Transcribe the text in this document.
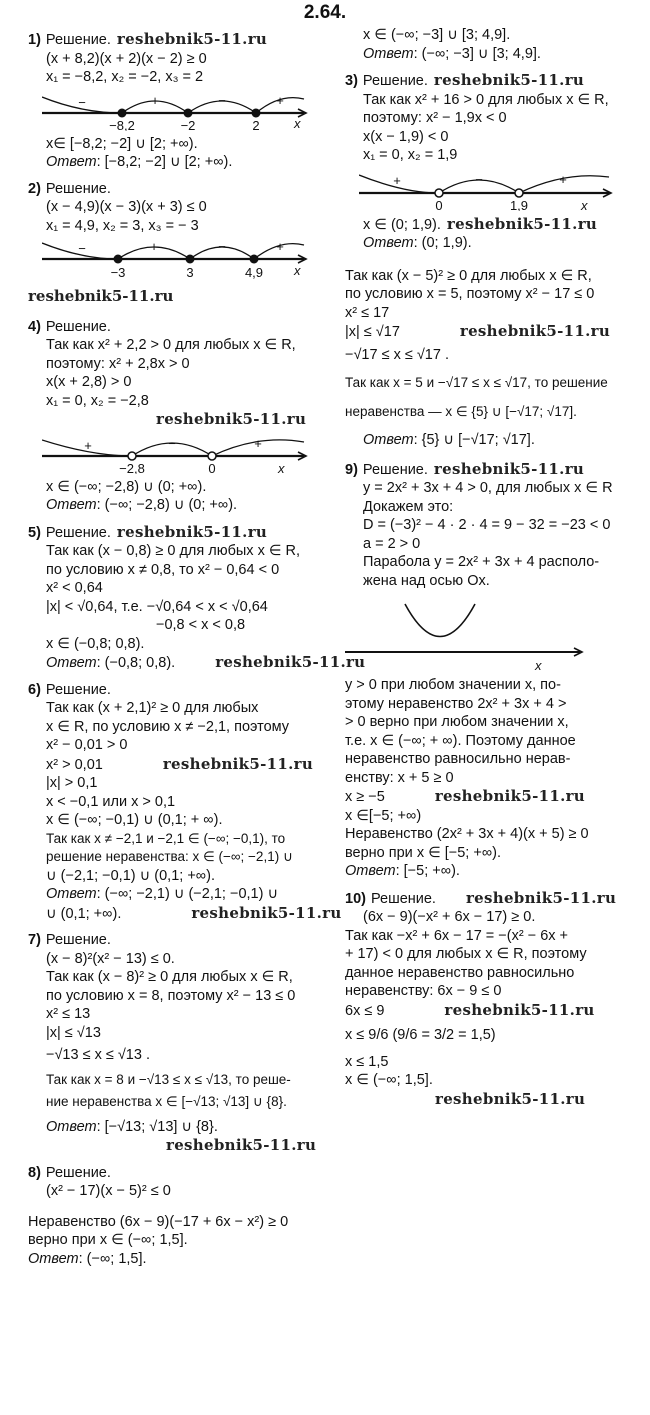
2.64.
1) Решение. reshebnik5-11.ru
(x + 8,2)(x + 2)(x − 2) ≥ 0
x₁ = −8,2, x₂ = −2, x₃ = 2
−	+	−	+
−8,2	−2	2	x
x∈ [−8,2; −2] ∪ [2; +∞).
Ответ: [−8,2; −2] ∪ [2; +∞).
2) Решение.
(x − 4,9)(x − 3)(x + 3) ≤ 0
x₁ = 4,9, x₂ = 3, x₃ = − 3
−	+	−	+
−3	3	4,9 x
reshebnik5-11.ru
4) Решение.
Так как x² + 2,2 > 0 для любых x ∈ R,
поэтому: x² + 2,8x > 0
x(x + 2,8) > 0
x₁ = 0, x₂ = −2,8
reshebnik5-11.ru
+	−	+
−2,8	0	x
x ∈ (−∞; −2,8) ∪ (0; +∞).
Ответ: (−∞; −2,8) ∪ (0; +∞).
5) Решение. reshebnik5-11.ru
Так как (x − 0,8) ≥ 0 для любых x ∈ R,
по условию x ≠ 0,8, то x² − 0,64 < 0
x² < 0,64
|x| < √0,64, т.е. −√0,64 < x < √0,64
−0,8 < x < 0,8
x ∈ (−0,8; 0,8).
Ответ: (−0,8; 0,8).	reshebnik5-11.ru
6) Решение.
Так как (x + 2,1)² ≥ 0 для любых
x ∈ R, по условию x ≠ −2,1, поэтому
x² − 0,01 > 0
x² > 0,01	reshebnik5-11.ru
|x| > 0,1
x < −0,1 или x > 0,1
x ∈ (−∞; −0,1) ∪ (0,1; + ∞).
Так как x ≠ −2,1 и −2,1 ∈ (−∞; −0,1), то
решение неравенства: x ∈ (−∞; −2,1) ∪
∪ (−2,1; −0,1) ∪ (0,1; +∞).
Ответ: (−∞; −2,1) ∪ (−2,1; −0,1) ∪
∪ (0,1; +∞).	reshebnik5-11.ru
7) Решение.
(x − 8)²(x² − 13) ≤ 0.
Так как (x − 8)² ≥ 0 для любых x ∈ R,
по условию x = 8, поэтому x² − 13 ≤ 0
x² ≤ 13
|x| ≤ √13
−√13 ≤ x ≤ √13 .
Так как x = 8 и −√13 ≤ x ≤ √13, то реше-
ние неравенства x ∈ [−√13; √13] ∪ {8}.
Ответ: [−√13; √13] ∪ {8}.
reshebnik5-11.ru
8) Решение.
(x² − 17)(x − 5)² ≤ 0
Неравенство (6x − 9)(−17 + 6x − x²) ≥ 0
верно при x ∈ (−∞; 1,5].
Ответ: (−∞; 1,5].
x ∈ (−∞; −3] ∪ [3; 4,9].
Ответ: (−∞; −3] ∪ [3; 4,9].
3) Решение. reshebnik5-11.ru
Так как x² + 16 > 0 для любых x ∈ R,
поэтому: x² − 1,9x < 0
x(x − 1,9) < 0
x₁ = 0, x₂ = 1,9
+	−	+
0	1,9	x
x ∈ (0; 1,9). reshebnik5-11.ru
Ответ: (0; 1,9).
Так как (x − 5)² ≥ 0 для любых x ∈ R,
по условию x = 5, поэтому x² − 17 ≤ 0
x² ≤ 17
|x| ≤ √17	reshebnik5-11.ru
−√17 ≤ x ≤ √17 .
Так как x = 5 и −√17 ≤ x ≤ √17, то решение
неравенства — x ∈ {5} ∪ [−√17; √17].
Ответ: {5} ∪ [−√17; √17].
9) Решение. reshebnik5-11.ru
y = 2x² + 3x + 4 > 0, для любых x ∈ R
Докажем это:
D = (−3)² − 4 · 2 · 4 = 9 − 32 = −23 < 0
a = 2 > 0
Парабола y = 2x² + 3x + 4 располо-
жена над осью Ox.
x
y > 0 при любом значении x, по-
этому неравенство 2x² + 3x + 4 >
> 0 верно при любом значении x,
т.е. x ∈ (−∞; + ∞). Поэтому данное
неравенство равносильно нерав-
енству: x + 5 ≥ 0
x ≥ −5	reshebnik5-11.ru
x ∈[−5; +∞)
Неравенство (2x² + 3x + 4)(x + 5) ≥ 0
верно при x ∈ [−5; +∞).
Ответ: [−5; +∞).
10) Решение. reshebnik5-11.ru
(6x − 9)(−x² + 6x − 17) ≥ 0.
Так как −x² + 6x − 17 = −(x² − 6x +
+ 17) < 0 для любых x ∈ R, поэтому
данное неравенство равносильно
неравенству: 6x − 9 ≤ 0
6x ≤ 9	reshebnik5-11.ru
x ≤ 9/6 (9/6 = 3/2 = 1,5)
x ≤ 1,5
x ∈ (−∞; 1,5].
reshebnik5-11.ru
